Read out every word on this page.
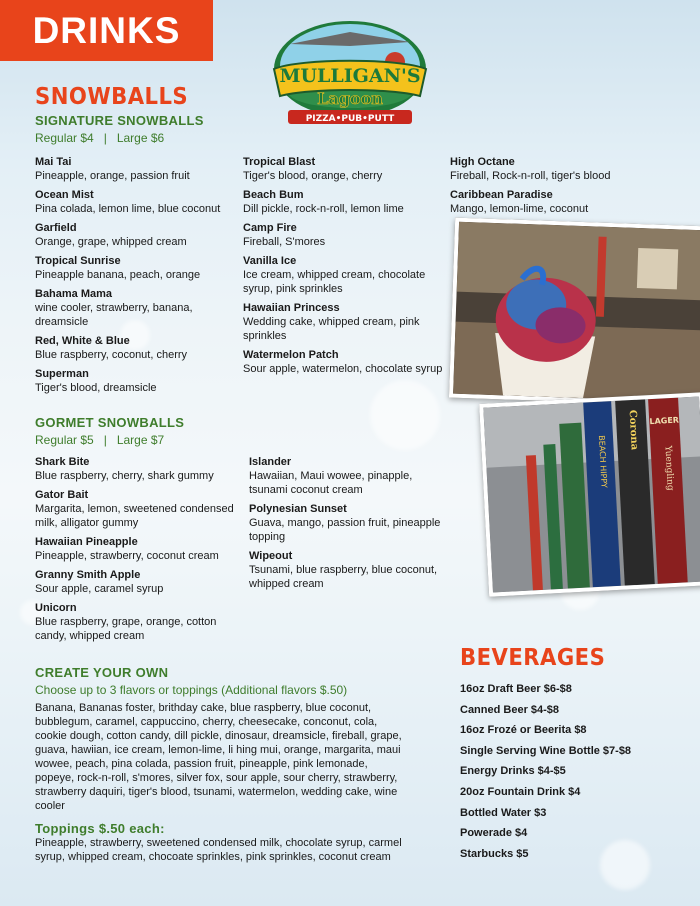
DRINKS
MULLIGAN'S
Lagoon
PIZZA•PUB•PUTT
SNOWBALLS
SIGNATURE SNOWBALLS
Regular $4   |   Large $6
Mai Tai
Pineapple, orange, passion fruit
Ocean Mist
Pina colada, lemon lime, blue coconut
Garfield
Orange, grape, whipped cream
Tropical Sunrise
Pineapple banana, peach, orange
Bahama Mama
wine cooler, strawberry, banana, dreamsicle
Red, White & Blue
Blue raspberry, coconut, cherry
Superman
Tiger's blood, dreamsicle
Tropical Blast
Tiger's blood, orange, cherry
Beach Bum
Dill pickle, rock-n-roll, lemon lime
Camp Fire
Fireball, S'mores
Vanilla Ice
Ice cream, whipped cream, chocolate syrup, pink sprinkles
Hawaiian Princess
Wedding cake, whipped cream, pink sprinkles
Watermelon Patch
Sour apple, watermelon, chocolate syrup
High Octane
Fireball, Rock-n-roll, tiger's blood
Caribbean Paradise
Mango, lemon-lime, coconut
GORMET SNOWBALLS
Regular $5   |   Large $7
Shark Bite
Blue raspberry, cherry, shark gummy
Gator Bait
Margarita, lemon, sweetened condensed milk, alligator gummy
Hawaiian Pineapple
Pineapple, strawberry, coconut cream
Granny Smith Apple
Sour apple, caramel syrup
Unicorn
Blue raspberry, grape, orange, cotton candy, whipped cream
Islander
Hawaiian, Maui wowee, pinapple, tsunami coconut cream
Polynesian Sunset
Guava, mango, passion fruit, pineapple topping
Wipeout
Tsunami, blue raspberry, blue coconut, whipped cream
CREATE YOUR OWN
Choose up to 3 flavors or toppings (Additional flavors $.50)
Banana, Bananas foster, brithday cake, blue raspberry, blue coconut, bubblegum, caramel, cappuccino, cherry, cheesecake, conconut, cola, cookie dough, cotton candy, dill pickle, dinosaur, dreamsicle, fireball, grape, guava, hawiian, ice cream, lemon-lime, li hing mui, orange, margarita, maui wowee, peach, pina colada, passion fruit, pineapple, pink lemonade, popeye, rock-n-roll, s'mores, silver fox, sour apple, sour cherry, strawberry, strawberry daquiri, tiger's blood, tsunami, watermelon, wedding cake, wine cooler
Toppings $.50 each:
Pineapple, strawberry, sweetened condensed milk, chocolate syrup, carmel syrup, whipped cream, chocoate sprinkles, pink sprinkles, coconut cream
Corona
BEACH HIPPY
LAGER
Yuengling
BEVERAGES
16oz Draft Beer $6-$8
Canned Beer $4-$8
16oz Frozé or Beerita $8
Single Serving Wine Bottle $7-$8
Energy Drinks $4-$5
20oz Fountain Drink $4
Bottled Water $3
Powerade $4
Starbucks $5
